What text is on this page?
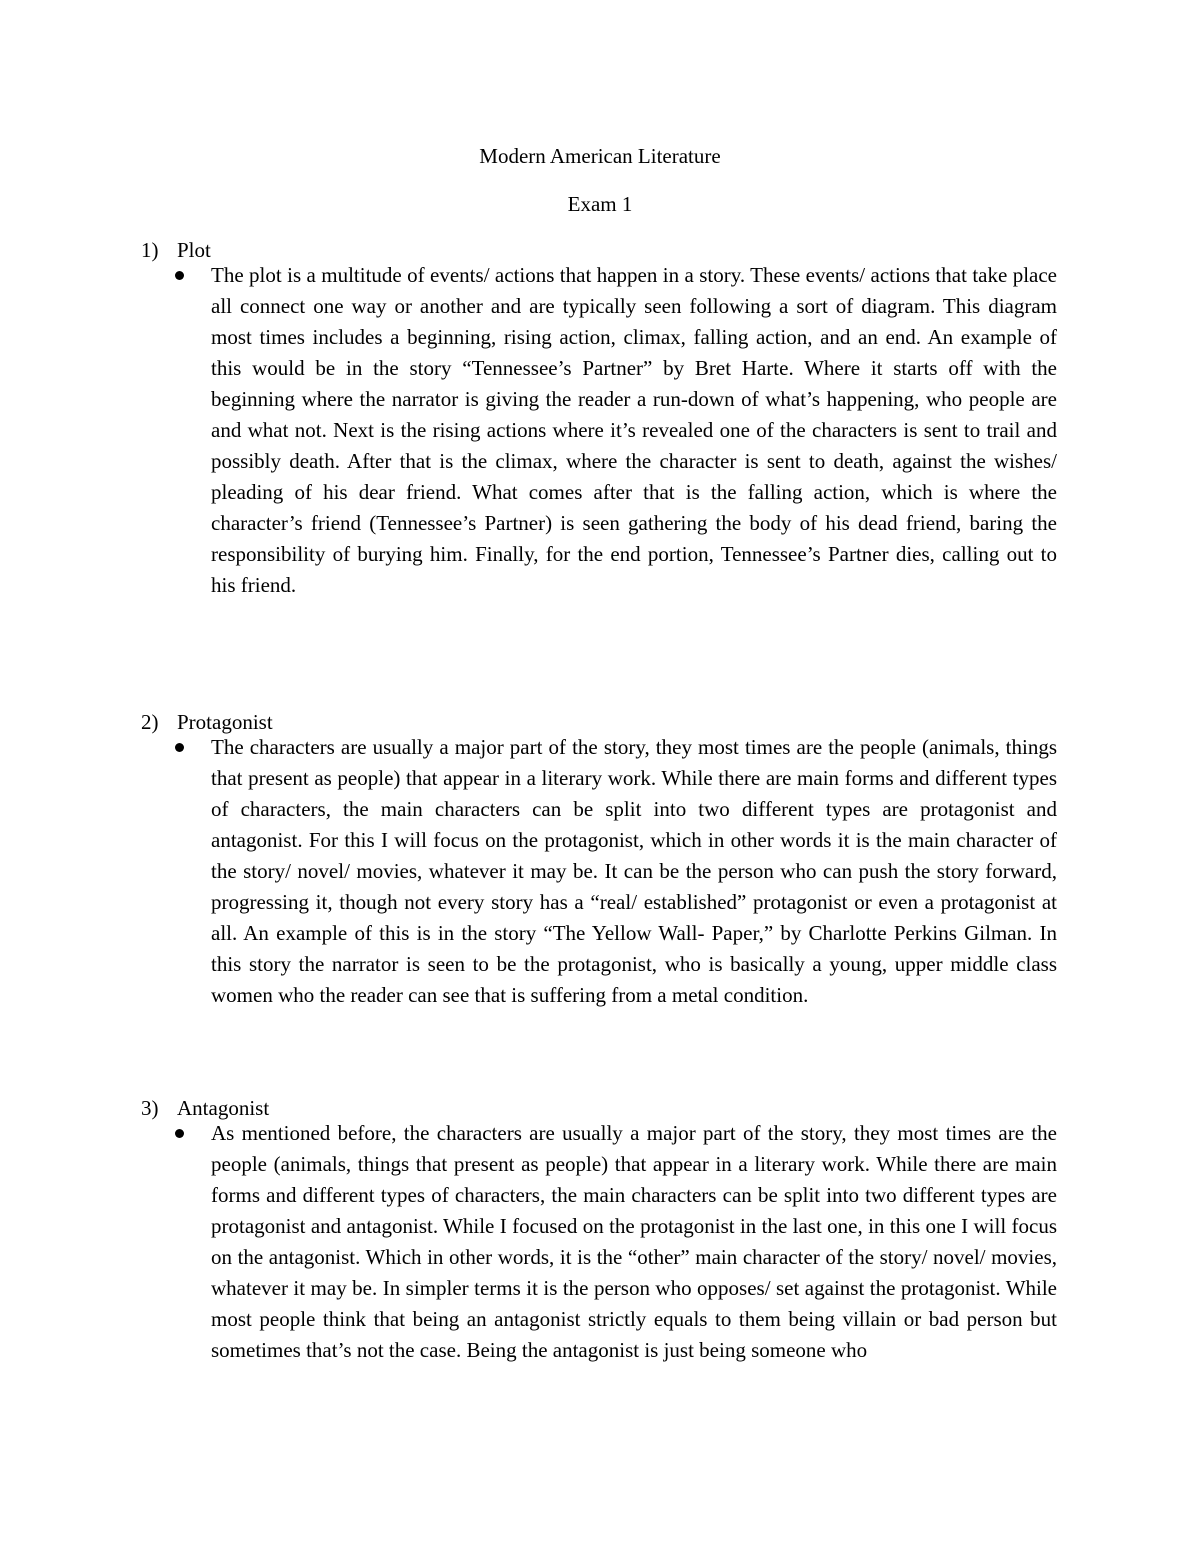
Modern American Literature
Exam 1
1) Plot

The plot is a multitude of events/ actions that happen in a story. These events/ actions that take place all connect one way or another and are typically seen following a sort of diagram. This diagram most times includes a beginning, rising action, climax, falling action, and an end. An example of this would be in the story “Tennessee’s Partner” by Bret Harte. Where it starts off with the beginning where the narrator is giving the reader a run-down of what’s happening, who people are and what not. Next is the rising actions where it’s revealed one of the characters is sent to trail and possibly death. After that is the climax, where the character is sent to death, against the wishes/ pleading of his dear friend. What comes after that is the falling action, which is where the character’s friend (Tennessee’s Partner) is seen gathering the body of his dead friend, baring the responsibility of burying him. Finally, for the end portion, Tennessee’s Partner dies, calling out to his friend.

2) Protagonist

The characters are usually a major part of the story, they most times are the people (animals, things that present as people) that appear in a literary work. While there are main forms and different types of characters, the main characters can be split into two different types are protagonist and antagonist. For this I will focus on the protagonist, which in other words it is the main character of the story/ novel/ movies, whatever it may be. It can be the person who can push the story forward, progressing it, though not every story has a “real/ established” protagonist or even a protagonist at all. An example of this is in the story “The Yellow Wall- Paper,” by Charlotte Perkins Gilman. In this story the narrator is seen to be the protagonist, who is basically a young, upper middle class women who the reader can see that is suffering from a metal condition.

3) Antagonist

As mentioned before, the characters are usually a major part of the story, they most times are the people (animals, things that present as people) that appear in a literary work. While there are main forms and different types of characters, the main characters can be split into two different types are protagonist and antagonist. While I focused on the protagonist in the last one, in this one I will focus on the antagonist. Which in other words, it is the “other” main character of the story/ novel/ movies, whatever it may be. In simpler terms it is the person who opposes/ set against the protagonist. While most people think that being an antagonist strictly equals to them being villain or bad person but sometimes that’s not the case. Being the antagonist is just being someone who
